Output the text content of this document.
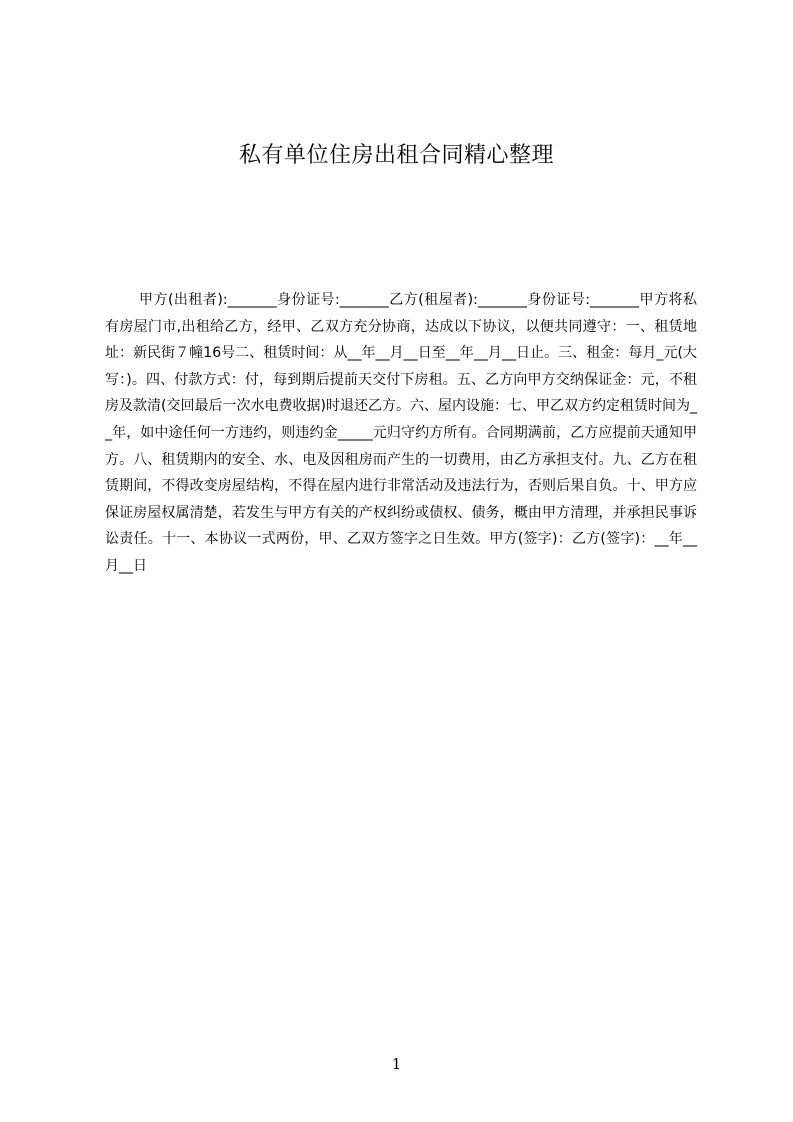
私有单位住房出租合同精心整理

甲方(出租者):_______身份证号:_______乙方(租屋者):_______身份证号:_______甲方将私有房屋门市,出租给乙方，经甲、乙双方充分协商，达成以下协议，以便共同遵守：一、租赁地址：新民街７幢16号二、租赁时间：从__年__月__日至__年__月__日止。三、租金：每月_元(大写：)。四、付款方式：付，每到期后提前天交付下房租。五、乙方向甲方交纳保证金：元，不租房及款清(交回最后一次水电费收据)时退还乙方。六、屋内设施：七、甲乙双方约定租赁时间为__年，如中途任何一方违约，则违约金_____元归守约方所有。合同期满前，乙方应提前天通知甲方。八、租赁期内的安全、水、电及因租房而产生的一切费用，由乙方承担支付。九、乙方在租赁期间，不得改变房屋结构，不得在屋内进行非常活动及违法行为，否则后果自负。十、甲方应保证房屋权属清楚，若发生与甲方有关的产权纠纷或债权、债务，概由甲方清理，并承担民事诉讼责任。十一、本协议一式两份，甲、乙双方签字之日生效。甲方(签字)：乙方(签字)：__年__月__日

1
